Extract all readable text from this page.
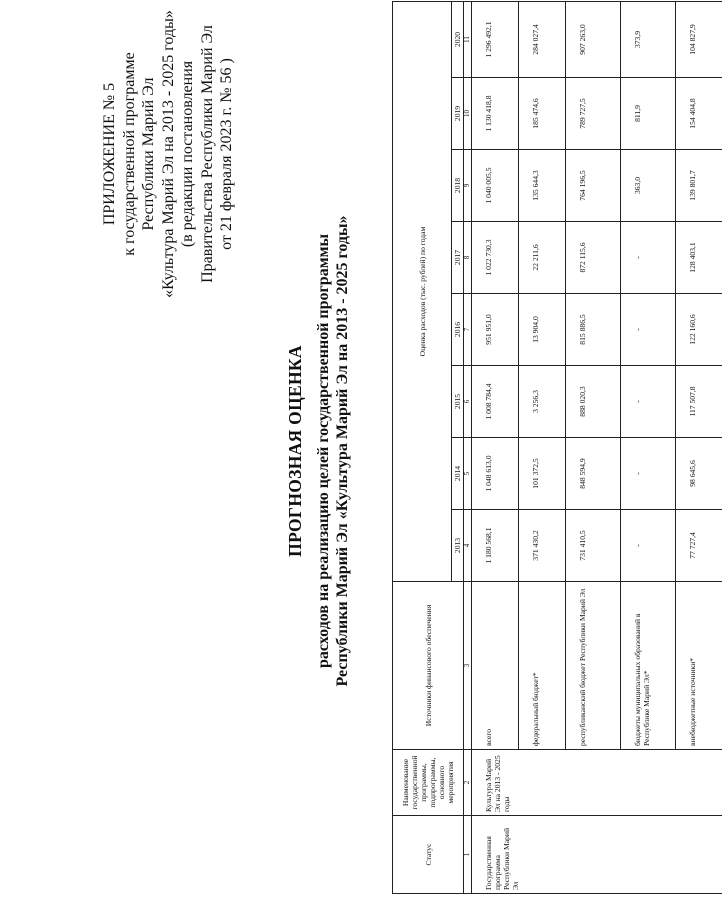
ПРИЛОЖЕНИЕ № 5 к государственной программе Республики Марий Эл «Культура Марий Эл на 2013 - 2025 годы» (в редакции постановления Правительства Республики Марий Эл от 21 февраля 2023 г. № 56 )
ПРОГНОЗНАЯ ОЦЕНКА расходов на реализацию целей государственной программы Республики Марий Эл «Культура Марий Эл на 2013 - 2025 годы»
Статус	Наименование государственной программы, подпрограммы, основного мероприятия	Источники финансового обеспечения	Оценка расходов (тыс. рублей) по годам							
			2013	2014	2015	2016	2017	2018	2019	2020
1	2	3	4	5	6	7	8	9	10	11
Государственная программа Республики Марий Эл	Культура Марий Эл на 2013 - 2025 годы	всего	1 180 568,1	1 048 613,0	1 008 784,4	951 951,0	1 022 730,3	1 040 005,5	1 130 418,8	1 296 492,1
		федеральный бюджет*	371 430,2	101 372,5	3 256,3	13 904,0	22 211,6	135 644,3	185 474,6	284 027,4
		республиканский бюджет Республики Марий Эл	731 410,5	848 594,9	888 020,3	815 886,5	872 115,6	764 196,5	789 727,5	907 263,0
		бюджеты муниципальных образований в Республике Марий Эл*	-	-	-	-	-	363,0	811,9	373,9
		внебюджетные источники*	77 727,4	98 645,6	117 507,8	122 160,6	128 403,1	139 801,7	154 404,8	104 827,9
